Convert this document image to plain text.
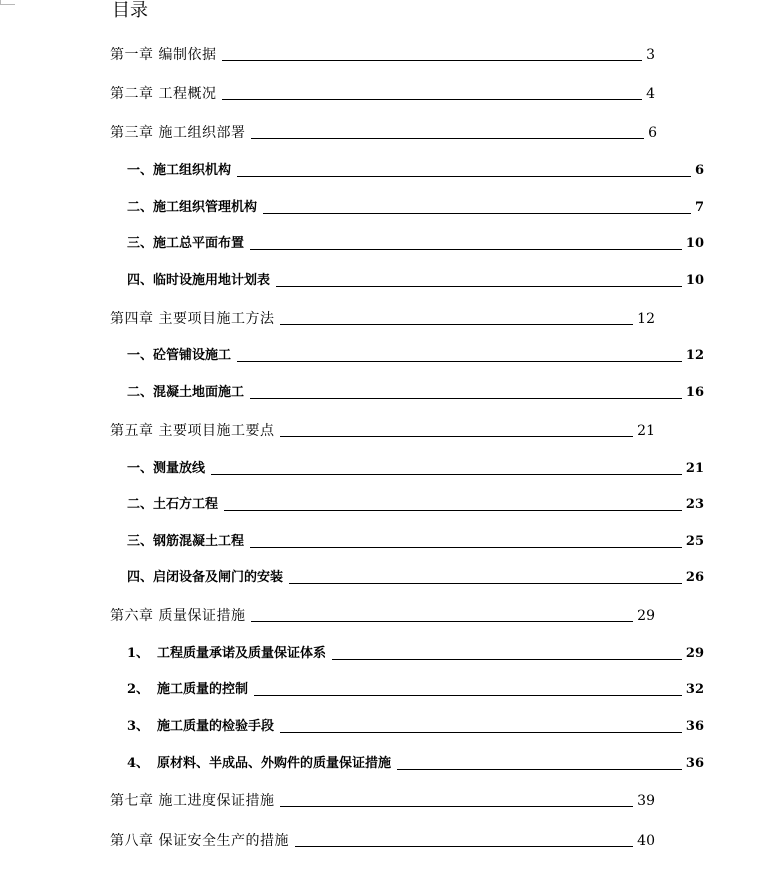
目录
第一章 编制依据	3
第二章 工程概况	4
第三章 施工组织部署	6
一、施工组织机构	6
二、施工组织管理机构	7
三、施工总平面布置	10
四、临时设施用地计划表	10
第四章 主要项目施工方法	12
一、砼管铺设施工	12
二、混凝土地面施工	16
第五章 主要项目施工要点	21
一、测量放线	21
二、土石方工程	23
三、钢筋混凝土工程	25
四、启闭设备及闸门的安装	26
第六章 质量保证措施	29
1、 工程质量承诺及质量保证体系	29
2、 施工质量的控制	32
3、 施工质量的检验手段	36
4、 原材料、半成品、外购件的质量保证措施	36
第七章 施工进度保证措施	39
第八章 保证安全生产的措施	40
